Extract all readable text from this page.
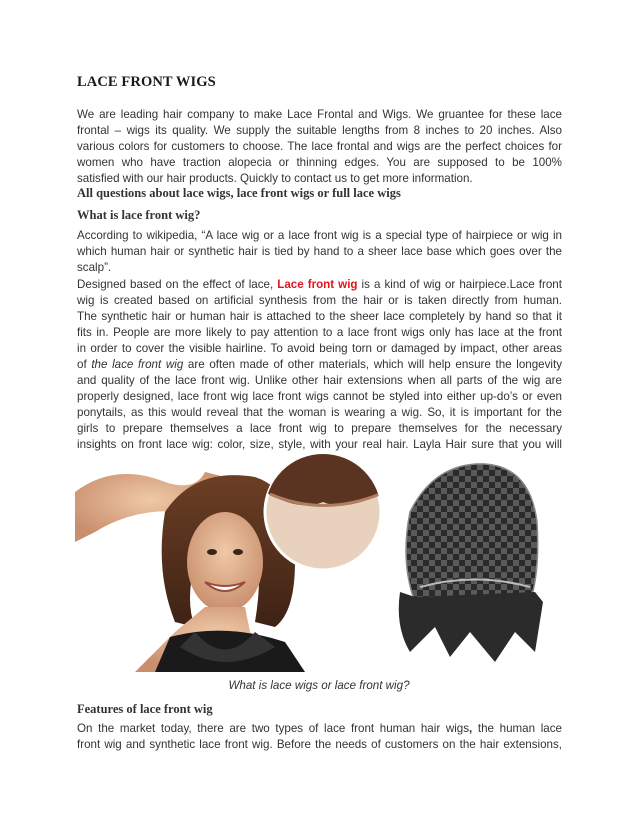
LACE FRONT WIGS
We are leading hair company to make Lace Frontal and Wigs. We gruantee for these lace
frontal – wigs its quality. We supply the suitable lengths from 8 inches to 20 inches. Also
various colors for customers to choose. The lace frontal and wigs are the perfect choices for
women who have traction alopecia or thinning edges. You are supposed to be 100%
satisfied with our hair products. Quickly to contact us to get more information.
All questions about lace wigs, lace front wigs or full lace wigs
What is lace front wig?
According to wikipedia, “A lace wig or a lace front wig is a special type of hairpiece or wig in
which human hair or synthetic hair is tied by hand to a sheer lace base which goes over the
scalp”.
Designed based on the effect of lace, Lace front wig is a kind of wig or hairpiece.Lace front
wig is created based on artificial synthesis from the hair or is taken directly from human.
The synthetic hair or human hair is attached to the sheer lace completely by hand so that it
fits in. People are more likely to pay attention to a lace front wigs only has lace at the front
in order to cover the visible hairline. To avoid being torn or damaged by impact, other areas
of the lace front wig are often made of other materials, which will help ensure the longevity
and quality of the lace front wig. Unlike other hair extensions when all parts of the wig are
properly designed, lace front wig lace front wigs cannot be styled into either up-do’s or even
ponytails, as this would reveal that the woman is wearing a wig. So, it is important for the
girls to prepare themselves a lace front wig to prepare themselves for the necessary
insights on front lace wig: color, size, style, with your real hair. Layla Hair sure that you will
What is lace wigs or lace front wig?
Features of lace front wig
On the market today, there are two types of lace front human hair wigs, the human lace
front wig and synthetic lace front wig. Before the needs of customers on the hair extensions,
